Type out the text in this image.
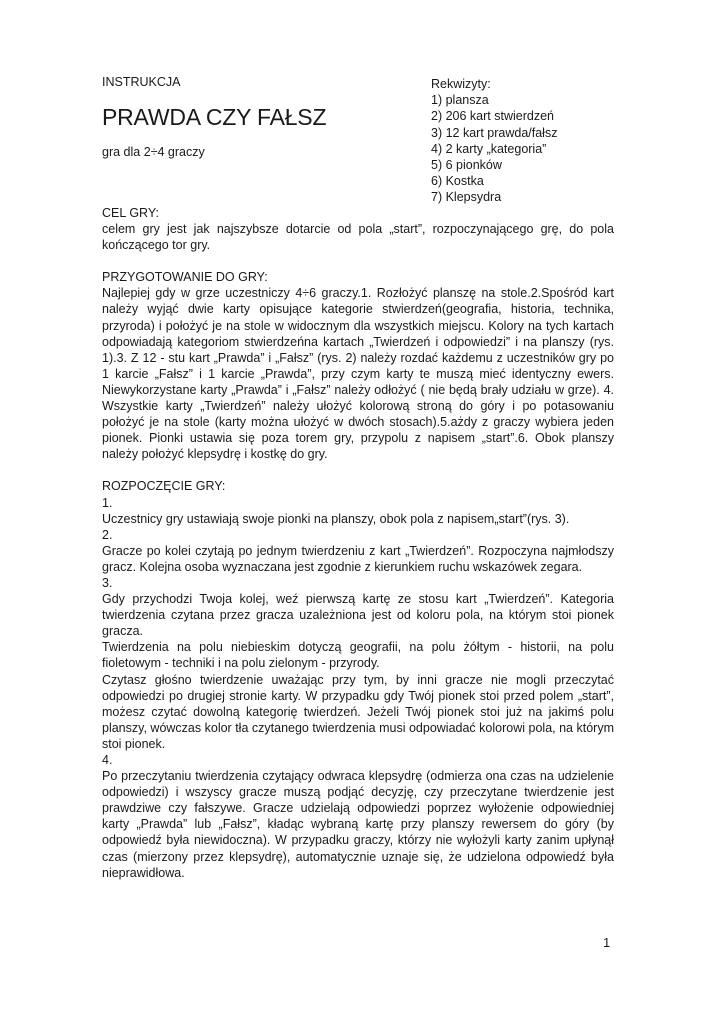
INSTRUKCJA
PRAWDA CZY FAŁSZ
gra dla 2÷4 graczy
Rekwizyty:
1) plansza
2) 206 kart stwierdzeń
3) 12 kart prawda/fałsz
4) 2 karty „kategoria”
5) 6 pionków
6) Kostka
7) Klepsydra

CEL GRY:

celem gry jest jak najszybsze dotarcie od pola „start”, rozpoczynającego grę, do pola kończącego tor gry.

PRZYGOTOWANIE DO GRY:

Najlepiej gdy w grze uczestniczy 4÷6 graczy.1. Rozłożyć planszę na stole.2.Spośród kart należy wyjąć dwie karty opisujące kategorie stwierdzeń(geografia, historia, technika, przyroda) i położyć je na stole w widocznym dla wszystkich miejscu. Kolory na tych kartach odpowiadają kategoriom stwierdzeńna kartach „Twierdzeń i odpowiedzi” i na planszy (rys. 1).3. Z 12 - stu kart „Prawda” i „Fałsz” (rys. 2) należy rozdać każdemu z uczestników gry po 1 karcie „Fałsz” i 1 karcie „Prawda”, przy czym karty te muszą mieć identyczny ewers. Niewykorzystane karty „Prawda” i „Fałsz” należy odłożyć ( nie będą brały udziału w grze). 4. Wszystkie karty „Twierdzeń” należy ułożyć kolorową stroną do góry i po potasowaniu położyć je na stole (karty można ułożyć w dwóch stosach).5.ażdy z graczy wybiera jeden pionek. Pionki ustawia się poza torem gry, przypolu z napisem „start”.6. Obok planszy należy położyć klepsydrę i kostkę do gry.

ROZPOCZĘCIE GRY:

1.

Uczestnicy gry ustawiają swoje pionki na planszy, obok pola z napisem„start”(rys. 3).

2.

Gracze po kolei czytają po jednym twierdzeniu z kart „Twierdzeń”. Rozpoczyna najmłodszy gracz. Kolejna osoba wyznaczana jest zgodnie z kierunkiem ruchu wskazówek zegara.

3.

Gdy przychodzi Twoja kolej, weź pierwszą kartę ze stosu kart „Twierdzeń”. Kategoria twierdzenia czytana przez gracza uzależniona jest od koloru pola, na którym stoi pionek gracza.

Twierdzenia na polu niebieskim dotyczą geografii, na polu żółtym - historii, na polu fioletowym - techniki i na polu zielonym - przyrody.

Czytasz głośno twierdzenie uważając przy tym, by inni gracze nie mogli przeczytać odpowiedzi po drugiej stronie karty. W przypadku gdy Twój pionek stoi przed polem „start”, możesz czytać dowolną kategorię twierdzeń. Jeżeli Twój pionek stoi już na jakimś polu planszy, wówczas kolor tła czytanego twierdzenia musi odpowiadać kolorowi pola, na którym stoi pionek.

4.

Po przeczytaniu twierdzenia czytający odwraca klepsydrę (odmierza ona czas na udzielenie odpowiedzi) i wszyscy gracze muszą podjąć decyzję, czy przeczytane twierdzenie jest prawdziwe czy fałszywe. Gracze udzielają odpowiedzi poprzez wyłożenie odpowiedniej karty „Prawda” lub „Fałsz”, kładąc wybraną kartę przy planszy rewersem do góry (by odpowiedź była niewidoczna). W przypadku graczy, którzy nie wyłożyli karty zanim upłynął czas (mierzony przez klepsydrę), automatycznie uznaje się, że udzielona odpowiedź była nieprawidłowa.

1
